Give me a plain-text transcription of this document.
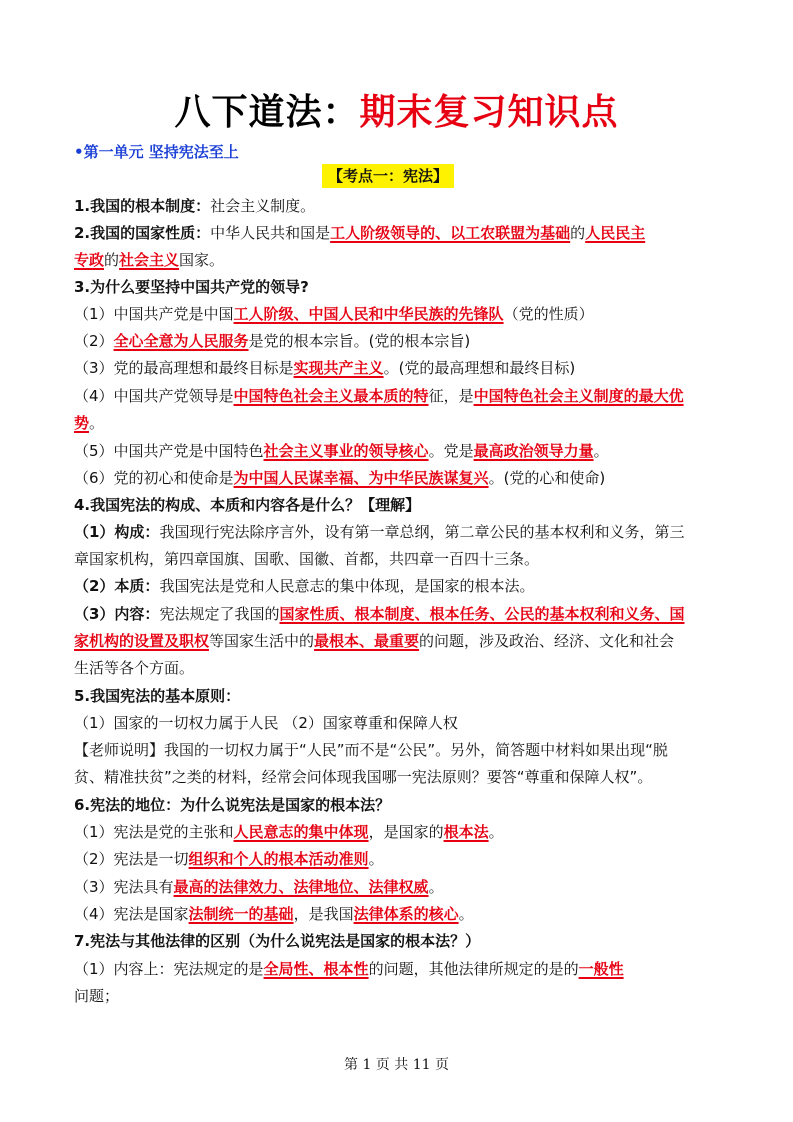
八下道法：期末复习知识点
•第一单元 坚持宪法至上
【考点一：宪法】
1.我国的根本制度：社会主义制度。
2.我国的国家性质：中华人民共和国是工人阶级领导的、以工农联盟为基础的人民民主
专政的社会主义国家。
3.为什么要坚持中国共产党的领导?
（1）中国共产党是中国工人阶级、中国人民和中华民族的先锋队（党的性质）
（2）全心全意为人民服务是党的根本宗旨。(党的根本宗旨)
（3）党的最高理想和最终目标是实现共产主义。(党的最高理想和最终目标)
（4）中国共产党领导是中国特色社会主义最本质的特征，是中国特色社会主义制度的最大优
势。
（5）中国共产党是中国特色社会主义事业的领导核心。党是最高政治领导力量。
（6）党的初心和使命是为中国人民谋幸福、为中华民族谋复兴。(党的心和使命)
4.我国宪法的构成、本质和内容各是什么？【理解】
（1）构成：我国现行宪法除序言外，设有第一章总纲，第二章公民的基本权利和义务，第三
章国家机构，第四章国旗、国歌、国徽、首都，共四章一百四十三条。
（2）本质：我国宪法是党和人民意志的集中体现，是国家的根本法。
（3）内容：宪法规定了我国的国家性质、根本制度、根本任务、公民的基本权利和义务、国
家机构的设置及职权等国家生活中的最根本、最重要的问题，涉及政治、经济、文化和社会
生活等各个方面。
5.我国宪法的基本原则：
（1）国家的一切权力属于人民 （2）国家尊重和保障人权
【老师说明】我国的一切权力属于“人民”而不是“公民”。另外，简答题中材料如果出现“脱
贫、精准扶贫”之类的材料，经常会问体现我国哪一宪法原则？要答“尊重和保障人权”。
6.宪法的地位：为什么说宪法是国家的根本法？
（1）宪法是党的主张和人民意志的集中体现，是国家的根本法。
（2）宪法是一切组织和个人的根本活动准则。
（3）宪法具有最高的法律效力、法律地位、法律权威。
（4）宪法是国家法制统一的基础，是我国法律体系的核心。
7.宪法与其他法律的区别（为什么说宪法是国家的根本法？）
（1）内容上：宪法规定的是全局性、根本性的问题，其他法律所规定的是的一般性
问题；
第 1 页 共 11 页
